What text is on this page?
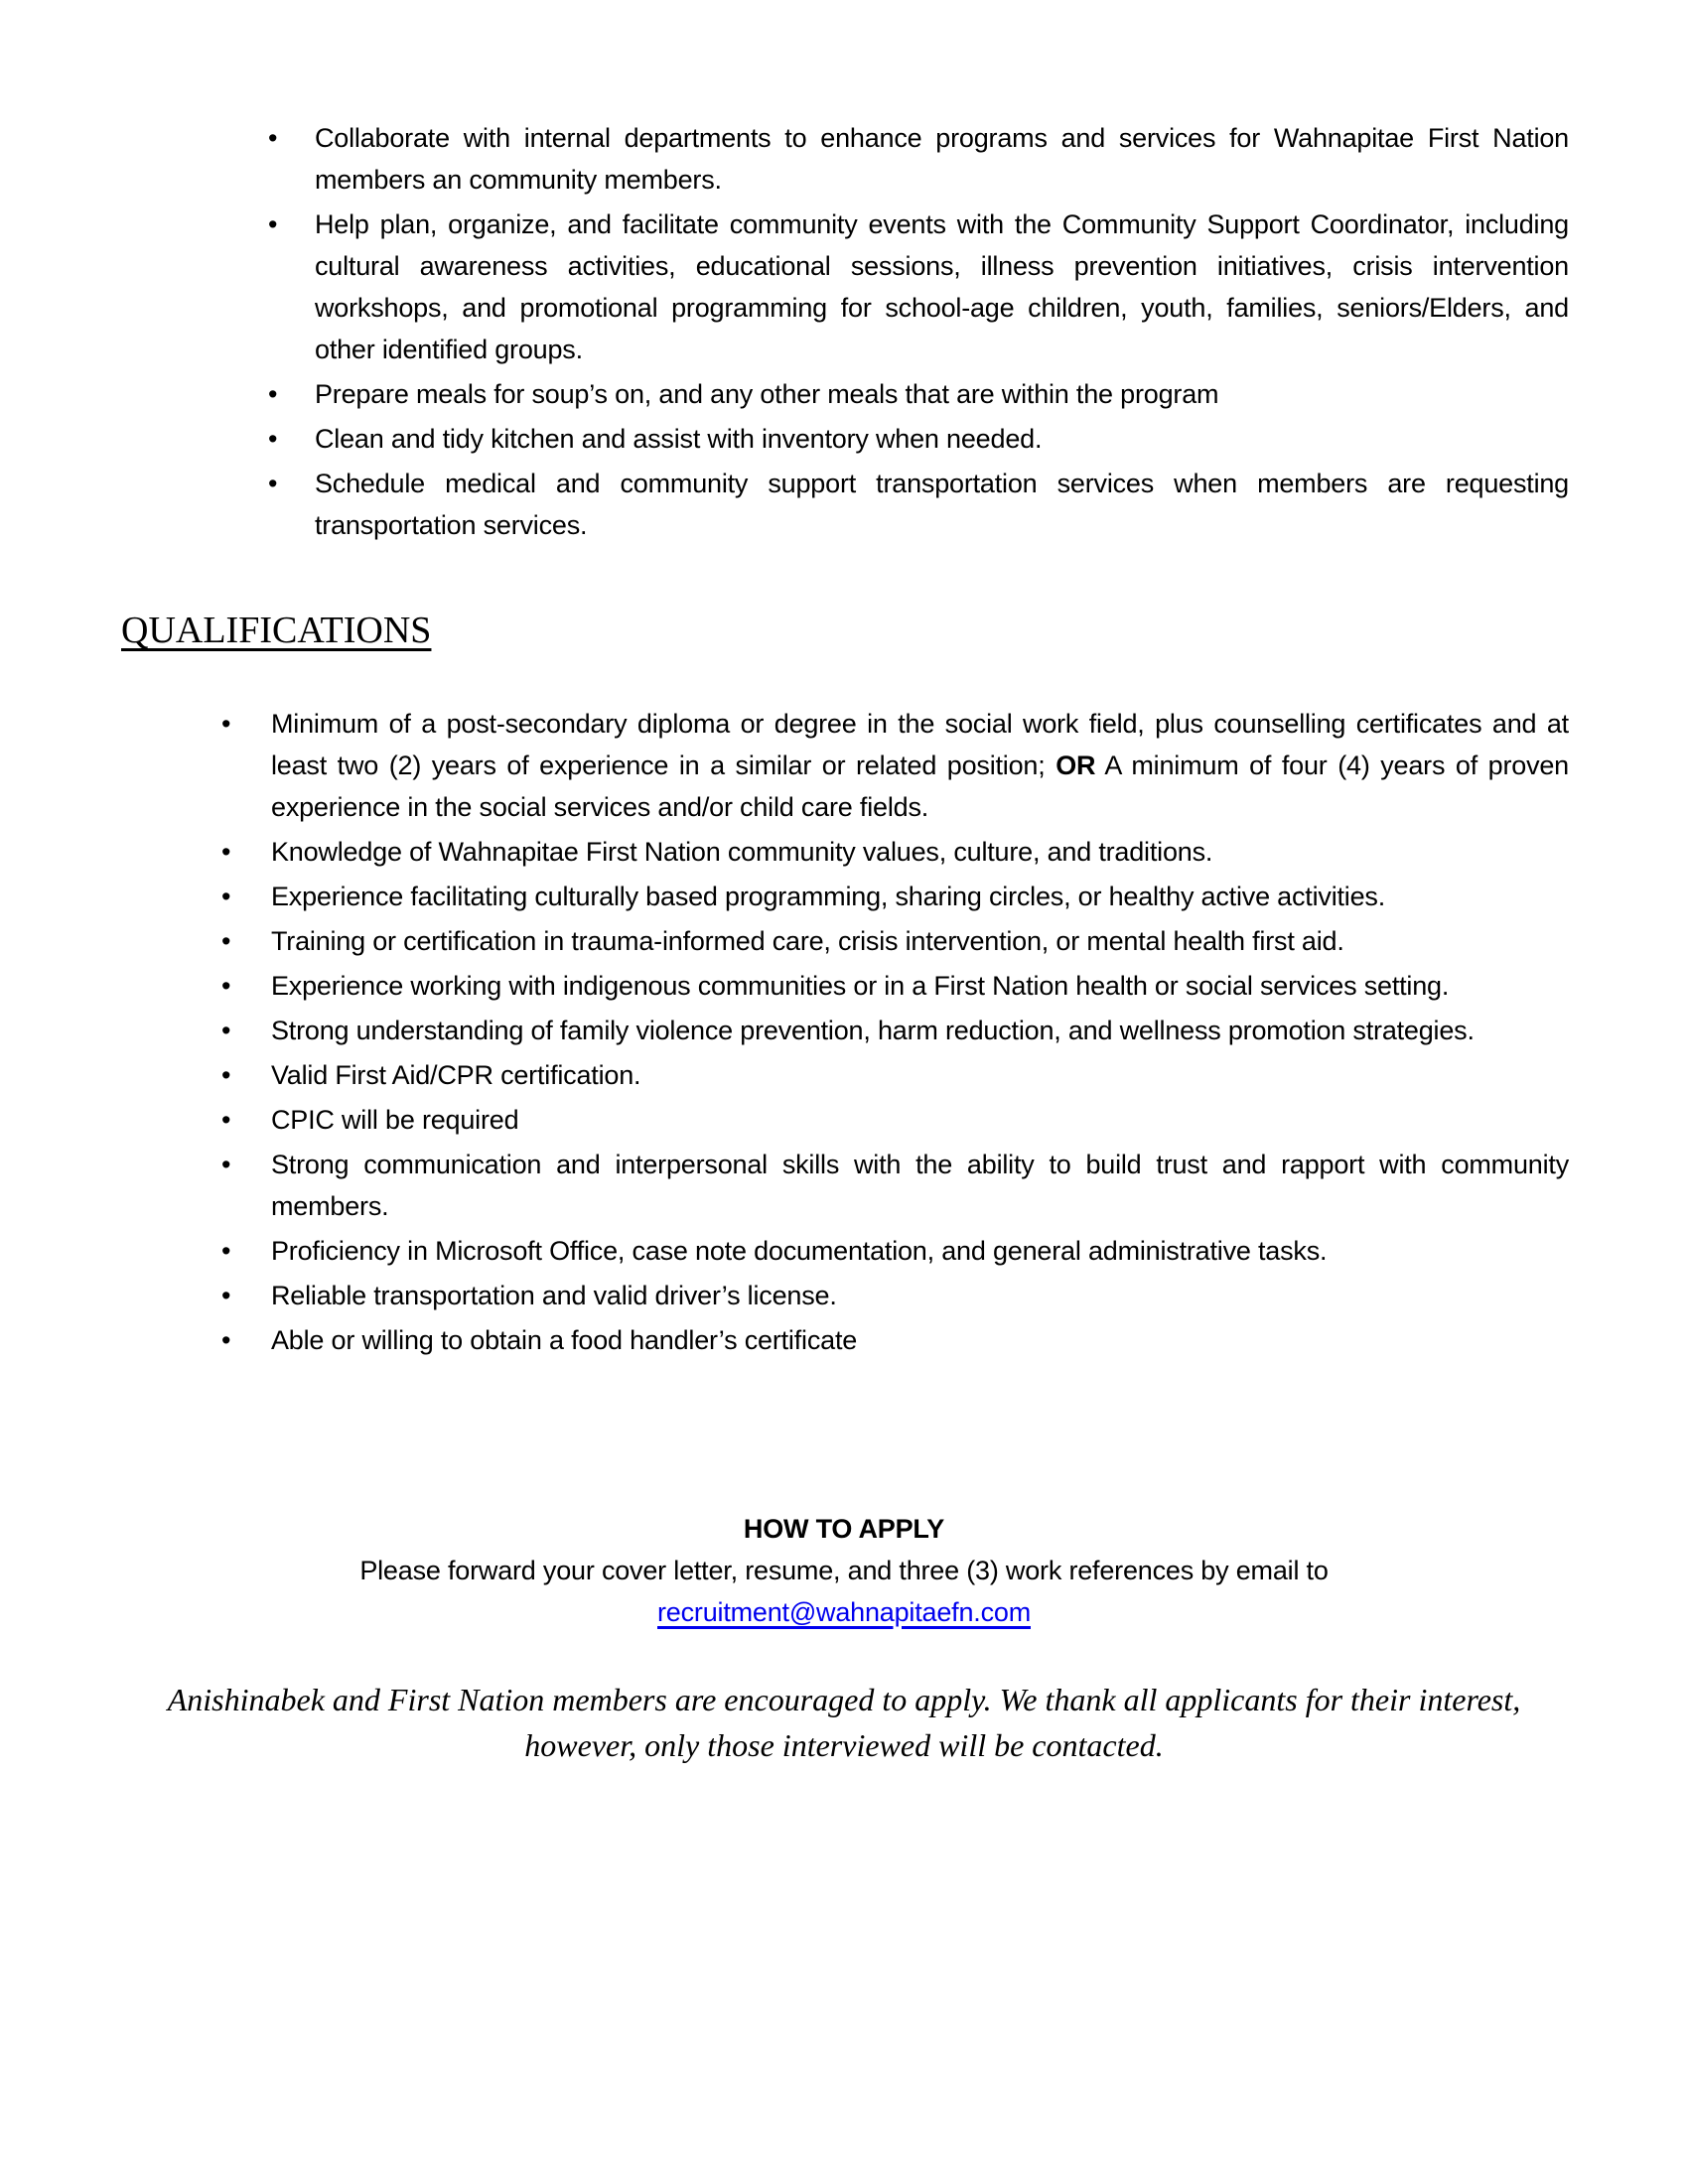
•	Collaborate with internal departments to enhance programs and services for Wahnapitae First Nation members an community members.
•	Help plan, organize, and facilitate community events with the Community Support Coordinator, including cultural awareness activities, educational sessions, illness prevention initiatives, crisis intervention workshops, and promotional programming for school-age children, youth, families, seniors/Elders, and other identified groups.
•	Prepare meals for soup’s on, and any other meals that are within the program
•	Clean and tidy kitchen and assist with inventory when needed.
•	Schedule medical and community support transportation services when members are requesting transportation services.
QUALIFICATIONS
•	Minimum of a post-secondary diploma or degree in the social work field, plus counselling certificates and at least two (2) years of experience in a similar or related position; OR A minimum of four (4) years of proven experience in the social services and/or child care fields.
•	Knowledge of Wahnapitae First Nation community values, culture, and traditions.
•	Experience facilitating culturally based programming, sharing circles, or healthy active activities.
•	Training or certification in trauma-informed care, crisis intervention, or mental health first aid.
•	Experience working with indigenous communities or in a First Nation health or social services setting.
•	Strong understanding of family violence prevention, harm reduction, and wellness promotion strategies.
•	Valid First Aid/CPR certification.
•	CPIC will be required
•	Strong communication and interpersonal skills with the ability to build trust and rapport with community members.
•	Proficiency in Microsoft Office, case note documentation, and general administrative tasks.
•	Reliable transportation and valid driver’s license.
•	Able or willing to obtain a food handler’s certificate
HOW TO APPLY
Please forward your cover letter, resume, and three (3) work references by email to
recruitment@wahnapitaefn.com
Anishinabek and First Nation members are encouraged to apply. We thank all applicants for their interest, however, only those interviewed will be contacted.
